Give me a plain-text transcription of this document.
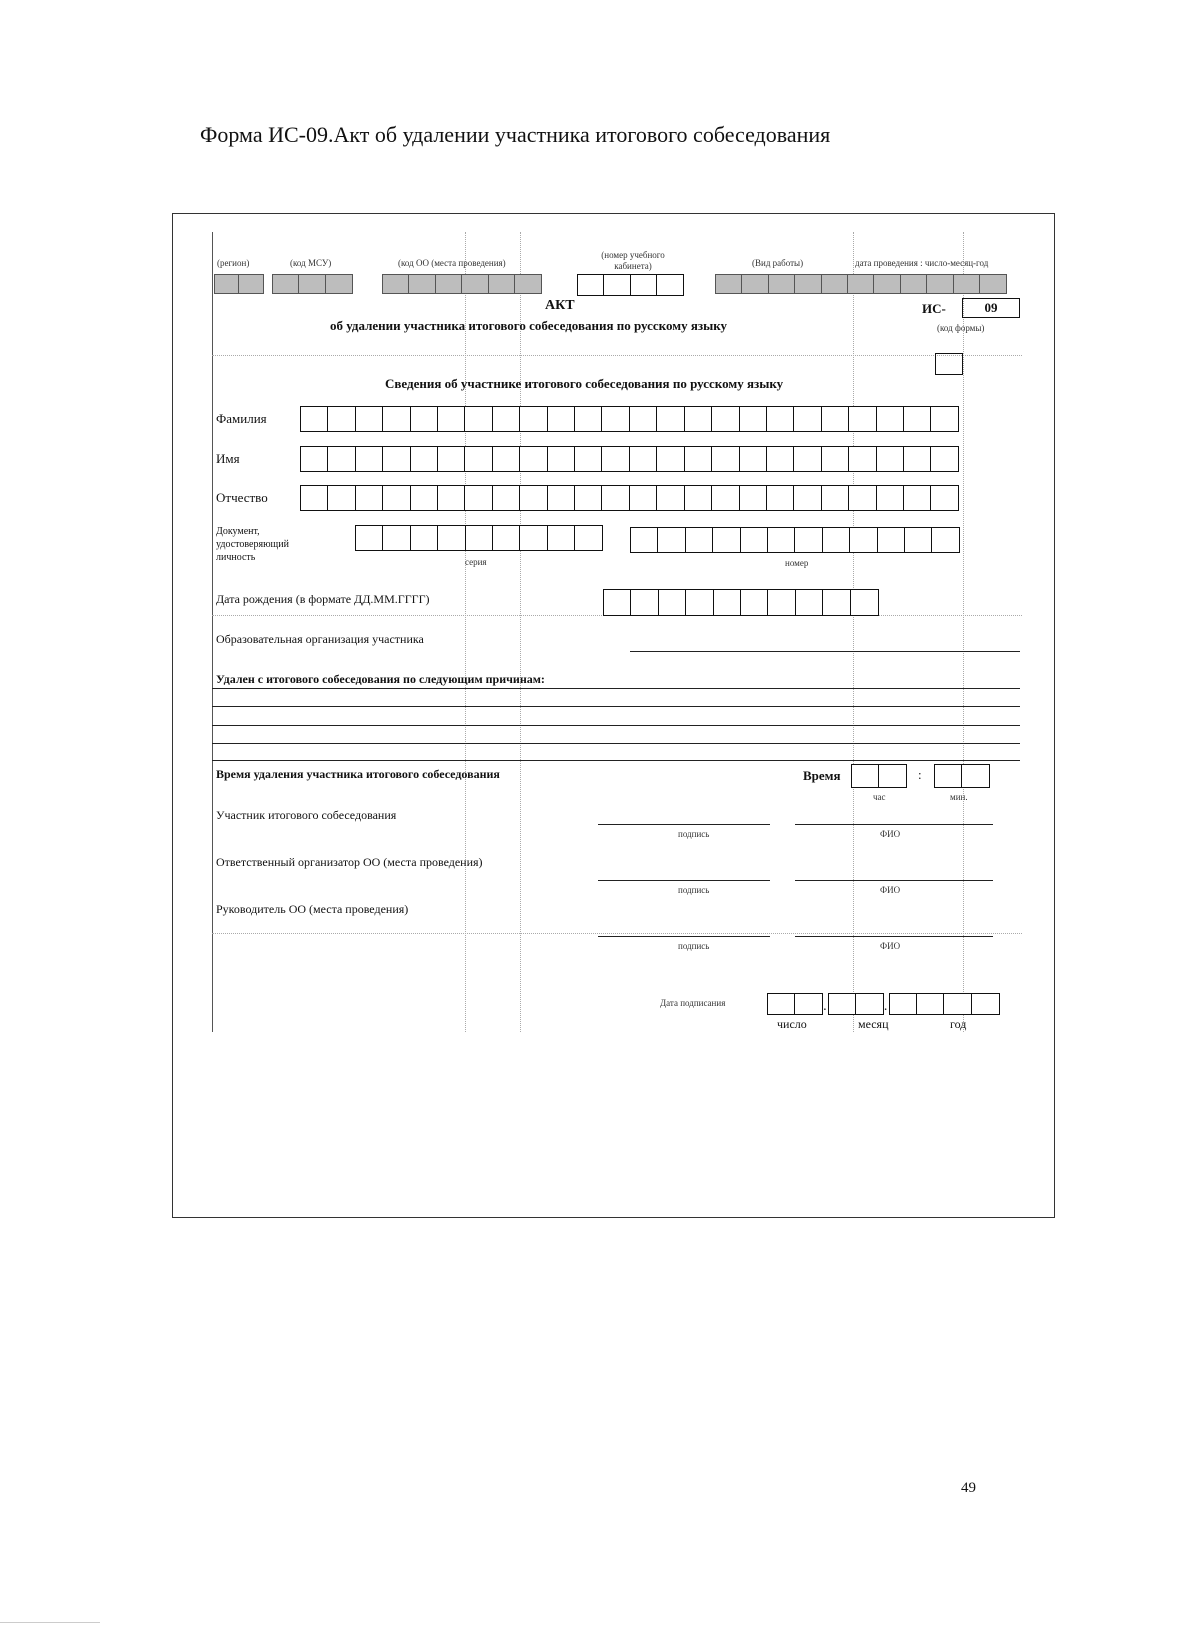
Форма ИС-09.Акт об удалении участника итогового собеседования
(регион)	(код МСУ)	(код ОО (места проведения)
(номер учебного кабинета)	(Вид работы)	дата проведения : число-месяц-год
АКТ
об удалении участника итогового собеседования по русскому языку
ИС-	09
(код формы)
Сведения об участнике итогового собеседования по русскому языку
Фамилия
Имя
Отчество
Документ,
удостоверяющий
личность	серия	номер
Дата рождения (в формате ДД.ММ.ГГГГ)
Образовательная организация участника
Удален с итогового собеседования по следующим причинам:
Время удаления участника итогового собеседования	Время	:
час	мин.
Участник итогового собеседования
подпись	ФИО
Ответственный организатор ОО (места проведения)
подпись	ФИО
Руководитель ОО (места проведения)
подпись	ФИО
Дата подписания	.	.
число	месяц	год
49
